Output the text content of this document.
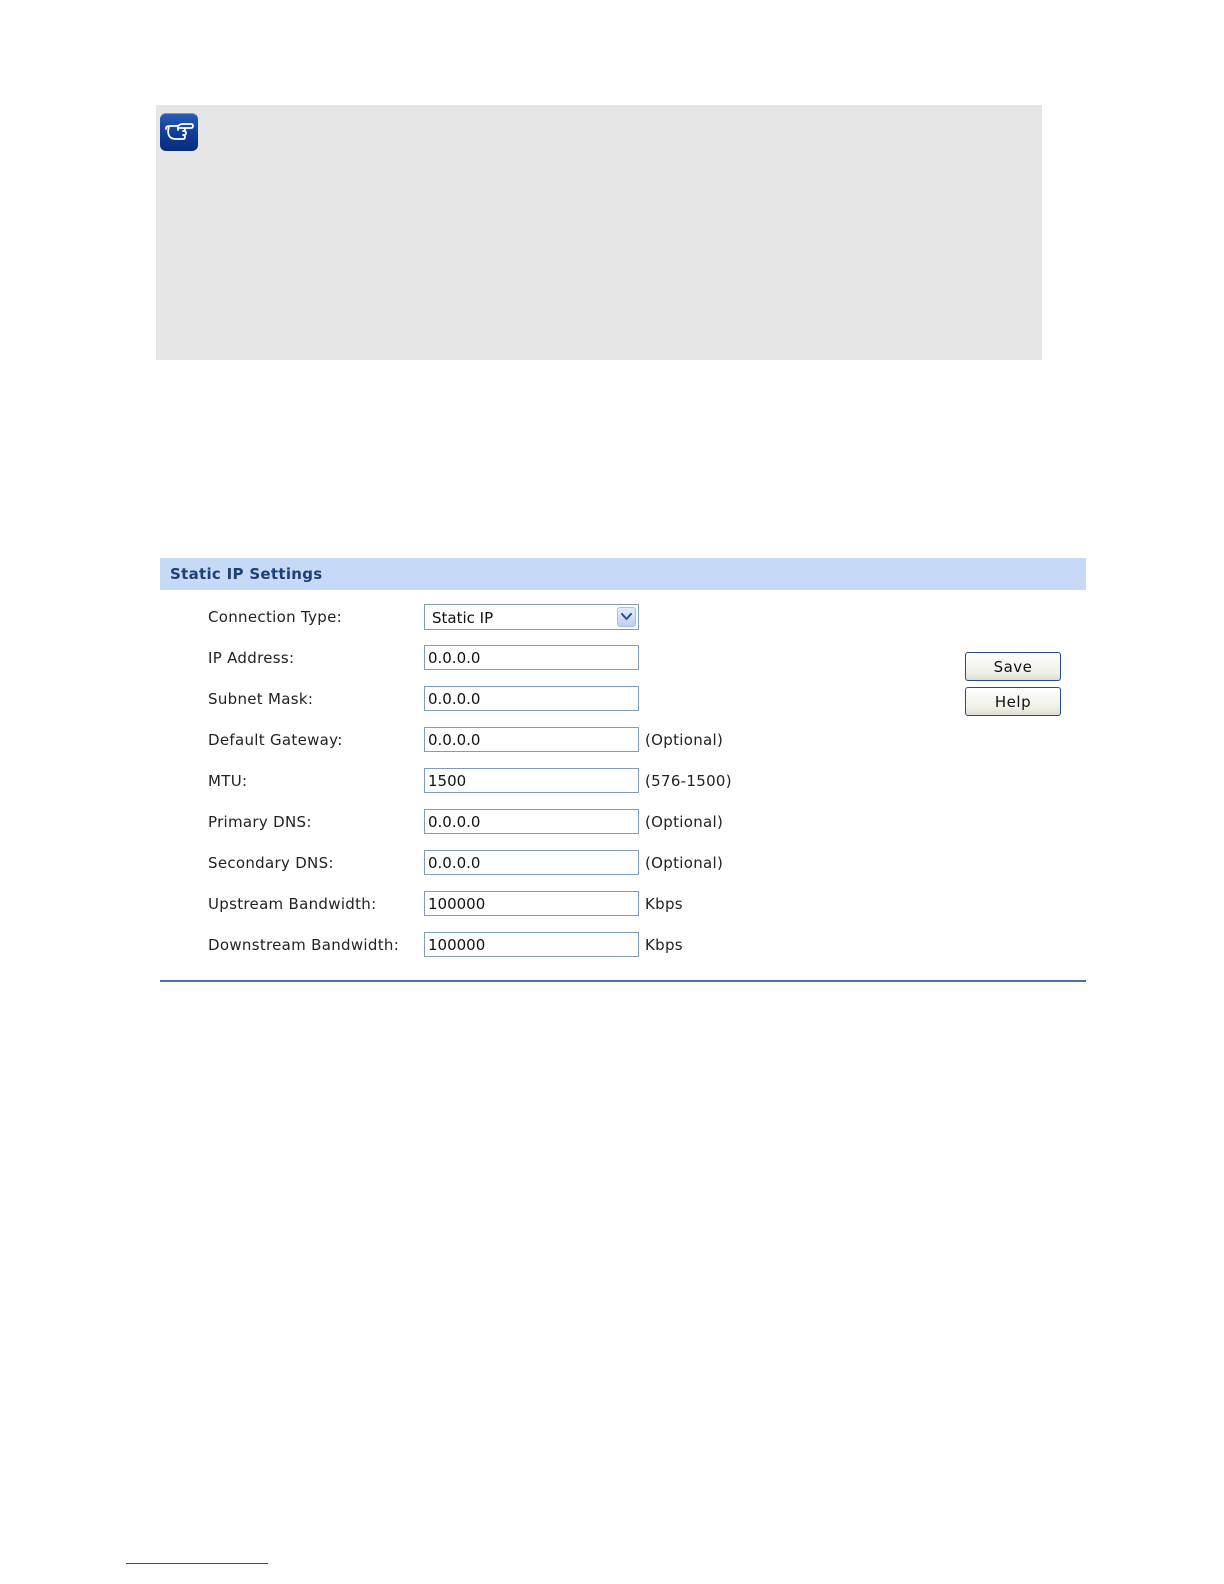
Static IP Settings
Connection Type:	Static IP
IP Address:
0.0.0.0
Subnet Mask:
0.0.0.0
Default Gateway:
0.0.0.0	(Optional)
MTU:
1500	(576-1500)
Primary DNS:
0.0.0.0	(Optional)
Secondary DNS:
0.0.0.0	(Optional)
Upstream Bandwidth:
100000	Kbps
Downstream Bandwidth:
100000	Kbps
Save
Help
